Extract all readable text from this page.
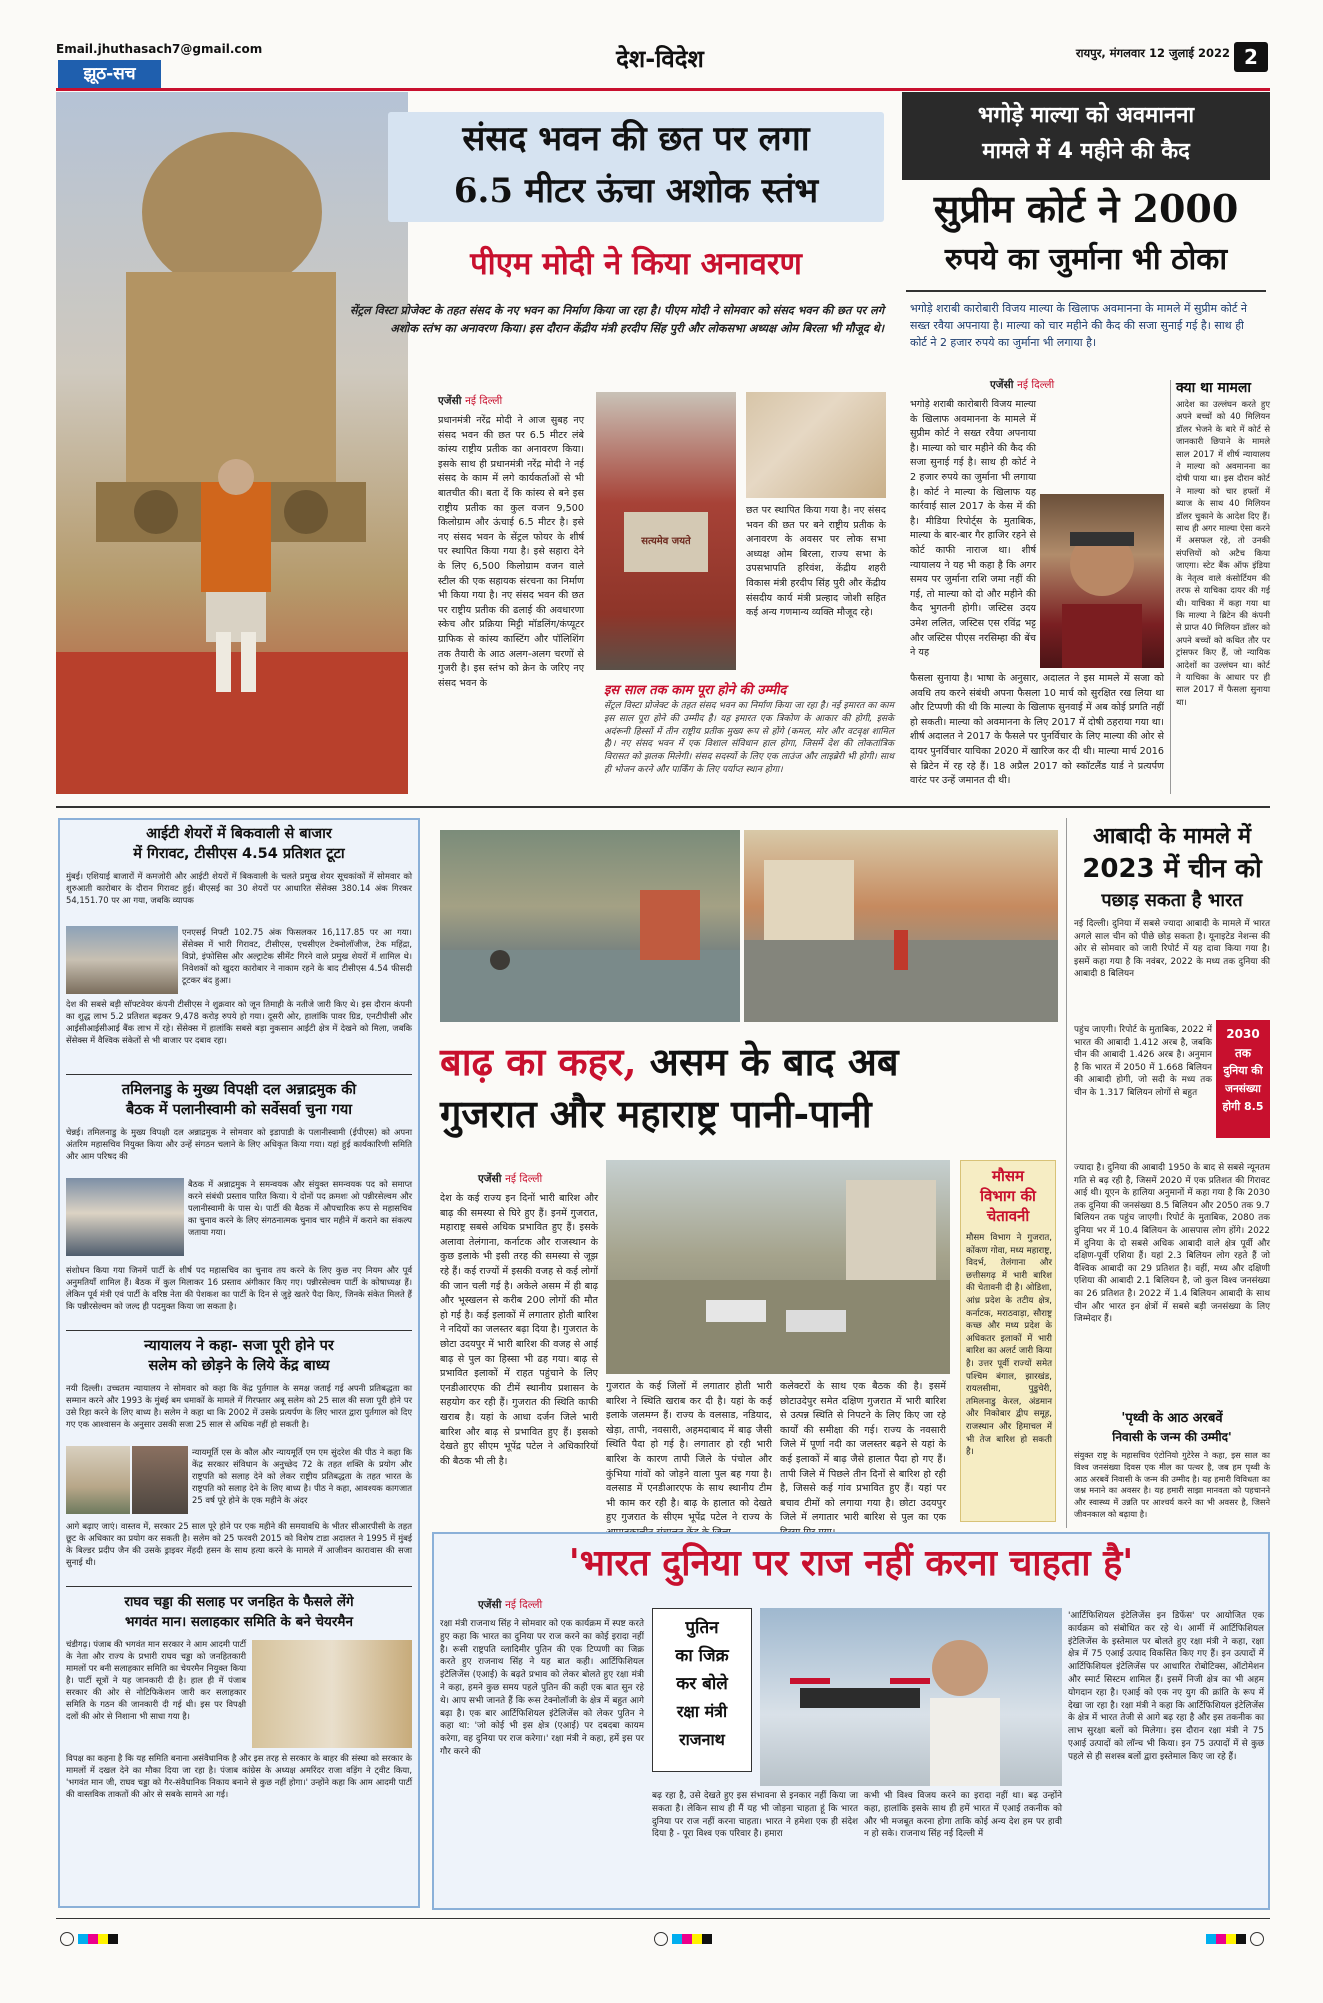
Email.jhuthasach7@gmail.com
झूठ-सच
देश-विदेश	रायपुर, मंगलवार 12 जुलाई 2022 2
संसद भवन की छत पर लगा
6.5 मीटर ऊंचा अशोक स्तंभ
पीएम मोदी ने किया अनावरण
सेंट्रल विस्टा प्रोजेक्ट के तहत संसद के नए भवन का निर्माण किया जा रहा है। पीएम मोदी ने सोमवार को संसद भवन की छत पर लगे अशोक स्तंभ का अनावरण किया। इस दौरान केंद्रीय मंत्री हरदीप सिंह पुरी और लोकसभा अध्यक्ष ओम बिरला भी मौजूद थे।
एजेंसी नई दिल्ली
प्रधानमंत्री नरेंद्र मोदी ने आज सुबह नए संसद भवन की छत पर 6.5 मीटर लंबे कांस्य राष्ट्रीय प्रतीक का अनावरण किया। इसके साथ ही प्रधानमंत्री नरेंद्र मोदी ने नई संसद के काम में लगे कार्यकर्ताओं से भी बातचीत की। बता दें कि कांस्य से बने इस राष्ट्रीय प्रतीक का कुल वजन 9,500 किलोग्राम और ऊंचाई 6.5 मीटर है। इसे नए संसद भवन के सेंट्रल फोयर के शीर्ष पर स्थापित किया गया है। इसे सहारा देने के लिए 6,500 किलोग्राम वजन वाले स्टील की एक सहायक संरचना का निर्माण भी किया गया है। नए संसद भवन की छत पर राष्ट्रीय प्रतीक की ढलाई की अवधारणा स्केच और प्रक्रिया मिट्टी मॉडलिंग/कंप्यूटर ग्राफिक से कांस्य कास्टिंग और पॉलिशिंग तक तैयारी के आठ अलग-अलग चरणों से गुजरी है। इस स्तंभ को क्रेन के जरिए नए संसद भवन के
सत्यमेव जयते
छत पर स्थापित किया गया है। नए संसद भवन की छत पर बने राष्ट्रीय प्रतीक के अनावरण के अवसर पर लोक सभा अध्यक्ष ओम बिरला, राज्य सभा के उपसभापति हरिवंश, केंद्रीय शहरी विकास मंत्री हरदीप सिंह पुरी और केंद्रीय संसदीय कार्य मंत्री प्रल्हाद जोशी सहित कई अन्य गणमान्य व्यक्ति मौजूद रहे।
इस साल तक काम पूरा होने की उम्मीद
सेंट्रल विस्टा प्रोजेक्ट के तहत संसद भवन का निर्माण किया जा रहा है। नई इमारत का काम इस साल पूरा होने की उम्मीद है। यह इमारत एक त्रिकोण के आकार की होगी, इसके अदंरूनी हिस्सों में तीन राष्ट्रीय प्रतीक मुख्य रूप से होंगे (कमल, मोर और वटवृक्ष शामिल है)। नए संसद भवन में एक विशाल संविधान हाल होगा, जिसमें देश की लोकतांत्रिक विरासत को झलक मिलेगी। संसद सदस्यों के लिए एक लाउंज और लाइब्रेरी भी होगी। साथ ही भोजन करने और पार्किंग के लिए पर्याप्त स्थान होगा।
भगोड़े माल्या को अवमानना
मामले में 4 महीने की कैद
सुप्रीम कोर्ट ने 2000
रुपये का जुर्माना भी ठोका
भगोड़े शराबी कारोबारी विजय माल्या के खिलाफ अवमानना के मामले में सुप्रीम कोर्ट ने सख्त रवैया अपनाया है। माल्या को चार महीने की कैद की सजा सुनाई गई है। साथ ही कोर्ट ने 2 हजार रुपये का जुर्माना भी लगाया है।
एजेंसी नई दिल्ली
भगोड़े शराबी कारोबारी विजय माल्या के खिलाफ अवमानना के मामले में सुप्रीम कोर्ट ने सख्त रवैया अपनाया है। माल्या को चार महीने की कैद की सजा सुनाई गई है। साथ ही कोर्ट ने 2 हजार रुपये का जुर्माना भी लगाया है। कोर्ट ने माल्या के खिलाफ यह कार्रवाई साल 2017 के केस में की है। मीडिया रिपोर्ट्स के मुताबिक, माल्या के बार-बार गैर हाजिर रहने से कोर्ट काफी नाराज था। शीर्ष न्यायालय ने यह भी कहा है कि अगर समय पर जुर्माना राशि जमा नहीं की गई, तो माल्या को दो और महीने की कैद भुगतनी होगी। जस्टिस उदय उमेश ललित, जस्टिस एस रविंद्र भट्ट और जस्टिस पीएस नरसिम्हा की बेंच ने यह
फैसला सुनाया है। भाषा के अनुसार, अदालत ने इस मामले में सजा को अवधि तय करने संबंधी अपना फैसला 10 मार्च को सुरक्षित रख लिया था और टिप्पणी की थी कि माल्या के खिलाफ सुनवाई में अब कोई प्रगति नहीं हो सकती। माल्या को अवमानना के लिए 2017 में दोषी ठहराया गया था। शीर्ष अदालत ने 2017 के फैसले पर पुनर्विचार के लिए माल्या की ओर से दायर पुनर्विचार याचिका 2020 में खारिज कर दी थी। माल्या मार्च 2016 से ब्रिटेन में रह रहे हैं। 18 अप्रैल 2017 को स्कॉटलैंड यार्ड ने प्रत्यर्पण वारंट पर उन्हें जमानत दी थी।
क्या था मामला
आदेश का उल्लंघन करते हुए अपने बच्चों को 40 मिलियन डॉलर भेजने के बारे में कोर्ट से जानकारी छिपाने के मामले साल 2017 में शीर्ष न्यायालय ने माल्या को अवमानना का दोषी पाया था। इस दौरान कोर्ट ने माल्या को चार हफ्तों में ब्याज के साथ 40 मिलियन डॉलर चुकाने के आदेश दिए हैं। साथ ही अगर माल्या ऐसा करने में असफल रहे, तो उनकी संपत्तियों को अटैच किया जाएगा। स्टेट बैंक ऑफ इंडिया के नेतृत्व वाले कंसोर्टियम की तरफ से याचिका दायर की गई थी। याचिका में कहा गया था कि माल्या ने ब्रिटेन की कंपनी से प्राप्त 40 मिलियन डॉलर को अपने बच्चों को कथित तौर पर ट्रांसफर किए हैं, जो न्यायिक आदेशों का उल्लंघन था। कोर्ट ने याचिका के आधार पर ही साल 2017 में फैसला सुनाया था।
आईटी शेयरों में बिकवाली से बाजार
में गिरावट, टीसीएस 4.54 प्रतिशत टूटा
मुंबई। एशियाई बाजारों में कमजोरी और आईटी शेयरों में बिकवाली के चलते प्रमुख शेयर सूचकांकों में सोमवार को शुरुआती कारोबार के दौरान गिरावट हुई। बीएसई का 30 शेयरों पर आधारित सेंसेक्स 380.14 अंक गिरकर 54,151.70 पर आ गया, जबकि व्यापक
एनएसई निफ्टी 102.75 अंक फिसलकर 16,117.85 पर आ गया। सेंसेक्स में भारी गिरावट, टीसीएस, एचसीएल टेक्नोलॉजीज, टेक महिंद्रा, विप्रो, इंफोसिस और अल्ट्राटेक सीमेंट गिरने वाले प्रमुख शेयरों में शामिल थे। निवेशकों को खुदरा कारोबार ने नाकाम रहने के बाद टीसीएस 4.54 फीसदी टूटकर बंद हुआ।
देश की सबसे बड़ी सॉफ्टवेयर कंपनी टीसीएस ने शुक्रवार को जून तिमाही के नतीजे जारी किए थे। इस दौरान कंपनी का शुद्ध लाभ 5.2 प्रतिशत बढ़कर 9,478 करोड़ रुपये हो गया। दूसरी ओर, हालांकि पावर ग्रिड, एनटीपीसी और आईसीआईसीआई बैंक लाभ में रहे। सेंसेक्स में हालांकि सबसे बड़ा नुकसान आईटी क्षेत्र में देखने को मिला, जबकि सेंसेक्स में वैश्विक संकेतों से भी बाजार पर दबाव रहा।
तमिलनाडु के मुख्य विपक्षी दल अन्नाद्रमुक की
बैठक में पलानीस्वामी को सर्वेसर्वा चुना गया
चेन्नई। तमिलनाडु के मुख्य विपक्षी दल अन्नाद्रमुक ने सोमवार को इडापाडी के पलानीस्वामी (ईपीएस) को अपना अंतरिम महासचिव नियुक्त किया और उन्हें संगठन चलाने के लिए अधिकृत किया गया। यहां हुई कार्यकारिणी समिति और आम परिषद की
बैठक में अन्नाद्रमुक ने समन्वयक और संयुक्त समन्वयक पद को समाप्त करने संबंधी प्रस्ताव पारित किया। ये दोनों पद क्रमशः ओ पन्नीरसेल्वम और पलानीस्वामी के पास थे। पार्टी की बैठक में औपचारिक रूप से महासचिव का चुनाव करने के लिए संगठनात्मक चुनाव चार महीने में कराने का संकल्प जताया गया।
संशोधन किया गया जिनमें पार्टी के शीर्ष पद महासचिव का चुनाव तय करने के लिए कुछ नए नियम और पूर्व अनुमतियाँ शामिल हैं। बैठक में कुल मिलाकर 16 प्रस्ताव अंगीकार किए गए। पन्नीरसेल्वम पार्टी के कोषाध्यक्ष हैं। लेकिन पूर्व मंत्री एवं पार्टी के वरिष्ठ नेता की पेशकश का पार्टी के दिन से जुड़े खतरे पैदा किए, जिनके संकेत मिलते हैं कि पन्नीरसेल्वम को जल्द ही पदमुक्त किया जा सकता है।
न्यायालय ने कहा- सजा पूरी होने पर
सलेम को छोड़ने के लिये केंद्र बाध्य
नयी दिल्ली। उच्चतम न्यायालय ने सोमवार को कहा कि केंद्र पुर्तगाल के समक्ष जताई गई अपनी प्रतिबद्धता का सम्मान करने और 1993 के मुंबई बम धमाकों के मामले में गिरफ्तार अबू सलेम को 25 साल की सजा पूरी होने पर उसे रिहा करने के लिए बाध्य है। सलेम ने कहा था कि 2002 में उसके प्रत्यर्पण के लिए भारत द्वारा पुर्तगाल को दिए गए एक आश्वासन के अनुसार उसकी सजा 25 साल से अधिक नहीं हो सकती है।
न्यायमूर्ति एस के कौल और न्यायमूर्ति एम एम सुंदरेश की पीठ ने कहा कि केंद्र सरकार संविधान के अनुच्छेद 72 के तहत शक्ति के प्रयोग और राष्ट्रपति को सलाह देने को लेकर राष्ट्रीय प्रतिबद्धता के तहत भारत के राष्ट्रपति को सलाह देने के लिए बाध्य है। पीठ ने कहा, आवश्यक कागजात 25 वर्ष पूरे होने के एक महीने के अंदर
आगे बढ़ाए जाएं। वास्तव में, सरकार 25 साल पूरे होने पर एक महीने की समयावधि के भीतर सीआरपीसी के तहत छूट के अधिकार का प्रयोग कर सकती है। सलेम को 25 फरवरी 2015 को विशेष टाडा अदालत ने 1995 में मुंबई के बिल्डर प्रदीप जैन की उसके ड्राइवर मेंहदी हसन के साथ हत्या करने के मामले में आजीवन कारावास की सजा सुनाई थी।
राघव चड्डा की सलाह पर जनहित के फैसले लेंगे
भगवंत मान। सलाहकार समिति के बने चेयरमैन
चंडीगढ़। पंजाब की भगवंत मान सरकार ने आम आदमी पार्टी के नेता और राज्य के प्रभारी राघव चड्डा को जनहितकारी मामलों पर बनी सलाहकार समिति का चेयरमैन नियुक्त किया है। पार्टी सूत्रों ने यह जानकारी दी है। हाल ही में पंजाब सरकार की ओर से नोटिफिकेशन जारी कर सलाहकार समिति के गठन की जानकारी दी गई थी। इस पर विपक्षी दलों की ओर से निशाना भी साधा गया है।
विपक्ष का कहना है कि यह समिति बनाना असंवैधानिक है और इस तरह से सरकार के बाहर की संस्था को सरकार के मामलों में दखल देने का मौका दिया जा रहा है। पंजाब कांग्रेस के अध्यक्ष अमरिंदर राजा वड़िंग ने ट्वीट किया, 'भगवंत मान जी, राघव चड्डा को गैर-संवैधानिक निकाय बनाने से कुछ नहीं होगा।' उन्होंने कहा कि आम आदमी पार्टी की वास्तविक ताकतों की ओर से सबके सामने आ गई।
बाढ़ का कहर, असम के बाद अब
गुजरात और महाराष्ट्र पानी-पानी
एजेंसी नई दिल्ली
देश के कई राज्य इन दिनों भारी बारिश और बाढ़ की समस्या से घिरे हुए हैं। इनमें गुजरात, महाराष्ट्र सबसे अधिक प्रभावित हुए हैं। इसके अलावा तेलंगाना, कर्नाटक और राजस्थान के कुछ इलाके भी इसी तरह की समस्या से जूझ रहे हैं। कई राज्यों में इसकी वजह से कई लोगों की जान चली गई है। अकेले असम में ही बाढ़ और भूस्खलन से करीब 200 लोगों की मौत हो गई है। कई इलाकों में लगातार होती बारिश ने नदियों का जलस्तर बढ़ा दिया है। गुजरात के छोटा उदयपुर में भारी बारिश की वजह से आई बाढ़ से पुल का हिस्सा भी ढह गया। बाढ़ से प्रभावित इलाकों में राहत पहुंचाने के लिए एनडीआरएफ की टीमें स्थानीय प्रशासन के सहयोग कर रही हैं। गुजरात की स्थिति काफी खराब है। यहां के आधा दर्जन जिले भारी बारिश और बाढ़ से प्रभावित हुए हैं। इसको देखते हुए सीएम भूपेंद्र पटेल ने अधिकारियों की बैठक भी ली है।
गुजरात के कई जिलों में लगातार होती भारी बारिश ने स्थिति खराब कर दी है। यहां के कई इलाके जलमग्न हैं। राज्य के वलसाड, नडियाद, खेड़ा, तापी, नवसारी, अहमदाबाद में बाढ़ जैसी स्थिति पैदा हो गई है। लगातार हो रही भारी बारिश के कारण तापी जिले के पंचोल और कुंभिया गांवों को जोड़ने वाला पुल बह गया है। वलसाड में एनडीआरएफ के साथ स्थानीय टीम भी काम कर रही है। बाढ़ के हालात को देखते हुए गुजरात के सीएम भूपेंद्र पटेल ने राज्य के
कलेक्टरों के साथ एक बैठक की है। इसमें छोटाउदेपुर समेत दक्षिण गुजरात में भारी बारिश से उत्पन्न स्थिति से निपटने के लिए किए जा रहे कार्यों की समीक्षा की गई। राज्य के नवसारी जिले में पूर्णा नदी का जलस्तर बढ़ने से यहां के कई इलाकों में बाढ़ जैसे हालात पैदा हो गए हैं। तापी जिले में पिछले तीन दिनों से बारिश हो रही है, जिससे कई गांव प्रभावित हुए हैं। यहां पर बचाव टीमों को लगाया गया है। छोटा उदयपुर जिले में लगातार भारी बारिश से पुल का एक
मौसम
विभाग की
चेतावनी
मौसम विभाग ने गुजरात, कोंकण गोवा, मध्य महाराष्ट्र, विदर्भ, तेलंगाना और छत्तीसगढ़ में भारी बारिश की चेतावनी दी है। ओडिशा, आंध्र प्रदेश के तटीय क्षेत्र, कर्नाटक, मराठवाड़ा, सौराष्ट्र कच्छ और मध्य प्रदेश के अधिकतर इलाकों में भारी बारिश का अलर्ट जारी किया है। उत्तर पूर्वी राज्यों समेत पश्चिम बंगाल, झारखंड, रायलसीमा, पुडुचेरी, तमिलनाडु केरल, अंडमान और निकोबार द्वीप समूह, राजस्थान और हिमाचल में भी तेज बारिश हो सकती है।
आबादी के मामले में
2023 में चीन को
पछाड़ सकता है भारत
नई दिल्ली। दुनिया में सबसे ज्यादा आबादी के मामले में भारत अगले साल चीन को पीछे छोड़ सकता है। यूनाइटेड नेशन्स की ओर से सोमवार को जारी रिपोर्ट में यह दावा किया गया है। इसमें कहा गया है कि नवंबर, 2022 के मध्य तक दुनिया की आबादी 8 बिलियन
पहुंच जाएगी। रिपोर्ट के मुताबिक, 2022 में भारत की आबादी 1.412 अरब है, जबकि चीन की आबादी 1.426 अरब है। अनुमान है कि भारत में 2050 में 1.668 बिलियन की आबादी होगी, जो सदी के मध्य तक चीन के 1.317 बिलियन लोगों से बहुत
2030
तक
दुनिया की
जनसंख्या
होगी 8.5
ज्यादा है। दुनिया की आबादी 1950 के बाद से सबसे न्यूनतम गति से बढ़ रही है, जिसमें 2020 में एक प्रतिशत की गिरावट आई थी। यूएन के हालिया अनुमानों में कहा गया है कि 2030 तक दुनिया की जनसंख्या 8.5 बिलियन और 2050 तक 9.7 बिलियन तक पहुंच जाएगी। रिपोर्ट के मुताबिक, 2080 तक दुनिया भर में 10.4 बिलियन के आसपास लोग होंगे। 2022 में दुनिया के दो सबसे अधिक आबादी वाले क्षेत्र पूर्वी और दक्षिण-पूर्वी एशिया हैं। यहां 2.3 बिलियन लोग रहते हैं जो वैश्विक आबादी का 29 प्रतिशत है। वहीं, मध्य और दक्षिणी एशिया की आबादी 2.1 बिलियन है, जो कुल विश्व जनसंख्या का 26 प्रतिशत है। 2022 में 1.4 बिलियन आबादी के साथ चीन और भारत इन क्षेत्रों में सबसे बड़ी जनसंख्या के लिए जिम्मेदार हैं।
'पृथ्वी के आठ अरबवें
निवासी के जन्म की उम्मीद'
संयुक्त राष्ट्र के महासचिव एंटोनियो गुटेरेस ने कहा, इस साल का विश्व जनसंख्या दिवस एक मील का पत्थर है, जब हम पृथ्वी के आठ अरबवें निवासी के जन्म की उम्मीद है। यह हमारी विविधता का जश्न मनाने का अवसर है। यह हमारी साझा मानवता को पहचानने और स्वास्थ्य में उन्नति पर आश्चर्य करने का भी अवसर है, जिसने जीवनकाल को बढ़ाया है।
'भारत दुनिया पर राज नहीं करना चाहता है'
एजेंसी नई दिल्ली
रक्षा मंत्री राजनाथ सिंह ने सोमवार को एक कार्यक्रम में स्पष्ट करते हुए कहा कि भारत का दुनिया पर राज करने का कोई इरादा नहीं है। रूसी राष्ट्रपति व्लादिमीर पुतिन की एक टिप्पणी का जिक्र करते हुए राजनाथ सिंह ने यह बात कही। आर्टिफिशियल इंटेलिजेंस (एआई) के बढ़ते प्रभाव को लेकर बोलते हुए रक्षा मंत्री ने कहा, हमने कुछ समय पहले पुतिन की कही एक बात सुन रहे थे। आप सभी जानते हैं कि रूस टेक्नोलॉजी के क्षेत्र में बहुत आगे बढ़ा है। एक बार आर्टिफिशियल इंटेलिजेंस को लेकर पुतिन ने कहा था: 'जो कोई भी इस क्षेत्र (एआई) पर दबदबा कायम करेगा, वह दुनिया पर राज करेगा।' रक्षा मंत्री ने कहा, हमें इस पर गौर करने की
पुतिन
का जिक्र
कर बोले
रक्षा मंत्री
राजनाथ
बढ़ रहा है, उसे देखते हुए इस संभावना से इनकार नहीं किया जा सकता है। लेकिन साथ ही मैं यह भी जोड़ना चाहता हूं कि भारत दुनिया पर राज नहीं करना चाहता। भारत ने हमेशा एक ही संदेश दिया है - पूरा विश्व एक परिवार है। हमारा
कभी भी विश्व विजय करने का इरादा नहीं था। बढ़ उन्होंने कहा, हालांकि इसके साथ ही हमें भारत में एआई तकनीक को और भी मजबूत करना होगा ताकि कोई अन्य देश हम पर हावी न हो सके। राजनाथ सिंह नई दिल्ली में
'आर्टिफिशियल इंटेलिजेंस इन डिफेंस' पर आयोजित एक कार्यक्रम को संबोधित कर रहे थे। आर्मी में आर्टिफिशियल इंटेलिजेंस के इस्तेमाल पर बोलते हुए रक्षा मंत्री ने कहा, रक्षा क्षेत्र में 75 एआई उत्पाद विकसित किए गए हैं। इन उत्पादों में आर्टिफिशियल इंटेलिजेंस पर आधारित रोबोटिक्स, ऑटोमेशन और स्मार्ट सिस्टम शामिल हैं। इसमें निजी क्षेत्र का भी अहम योगदान रहा है। एआई को एक नए युग की क्रांति के रूप में देखा जा रहा है। रक्षा मंत्री ने कहा कि आर्टिफिशियल इंटेलिजेंस के क्षेत्र में भारत तेजी से आगे बढ़ रहा है और इस तकनीक का लाभ सुरक्षा बलों को मिलेगा। इस दौरान रक्षा मंत्री ने 75 एआई उत्पादों को लॉन्च भी किया। इन 75 उत्पादों में से कुछ पहले से ही सशस्त्र बलों द्वारा इस्तेमाल किए जा रहे हैं।
